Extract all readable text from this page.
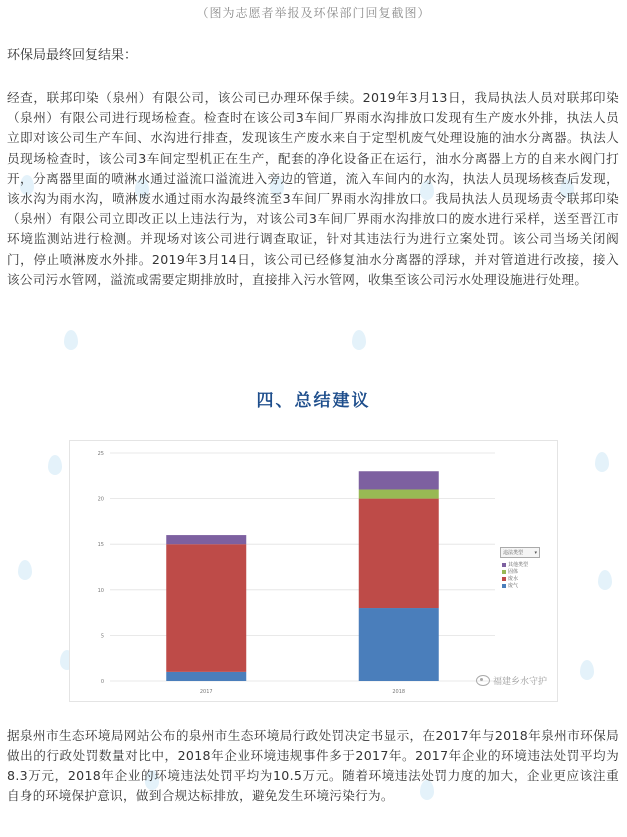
（图为志愿者举报及环保部门回复截图）
环保局最终回复结果：
经查，联邦印染（泉州）有限公司，该公司已办理环保手续。2019年3月13日，我局执法人员对联邦印染（泉州）有限公司进行现场检查。检查时在该公司3车间厂界雨水沟排放口发现有生产废水外排，执法人员立即对该公司生产车间、水沟进行排查，发现该生产废水来自于定型机废气处理设施的油水分离器。执法人员现场检查时，该公司3车间定型机正在生产，配套的净化设备正在运行，油水分离器上方的自来水阀门打开，分离器里面的喷淋水通过溢流口溢流进入旁边的管道，流入车间内的水沟，执法人员现场核查后发现，该水沟为雨水沟，喷淋废水通过雨水沟最终流至3车间厂界雨水沟排放口。我局执法人员现场责令联邦印染（泉州）有限公司立即改正以上违法行为，对该公司3车间厂界雨水沟排放口的废水进行采样，送至晋江市环境监测站进行检测。并现场对该公司进行调查取证，针对其违法行为进行立案处罚。该公司当场关闭阀门，停止喷淋废水外排。2019年3月14日，该公司已经修复油水分离器的浮球，并对管道进行改接，接入该公司污水管网，溢流或需要定期排放时，直接排入污水管网，收集至该公司污水处理设施进行处理。
四、总结建议
0
5
10
15
20
25
2017	2018
违法类型 ▾
其他类型
固体
废水
废气
福建乡水守护
据泉州市生态环境局网站公布的泉州市生态环境局行政处罚决定书显示，在2017年与2018年泉州市环保局做出的行政处罚数量对比中，2018年企业环境违规事件多于2017年。2017年企业的环境违法处罚平均为8.3万元，2018年企业的环境违法处罚平均为10.5万元。随着环境违法处罚力度的加大，企业更应该注重自身的环境保护意识，做到合规达标排放，避免发生环境污染行为。
